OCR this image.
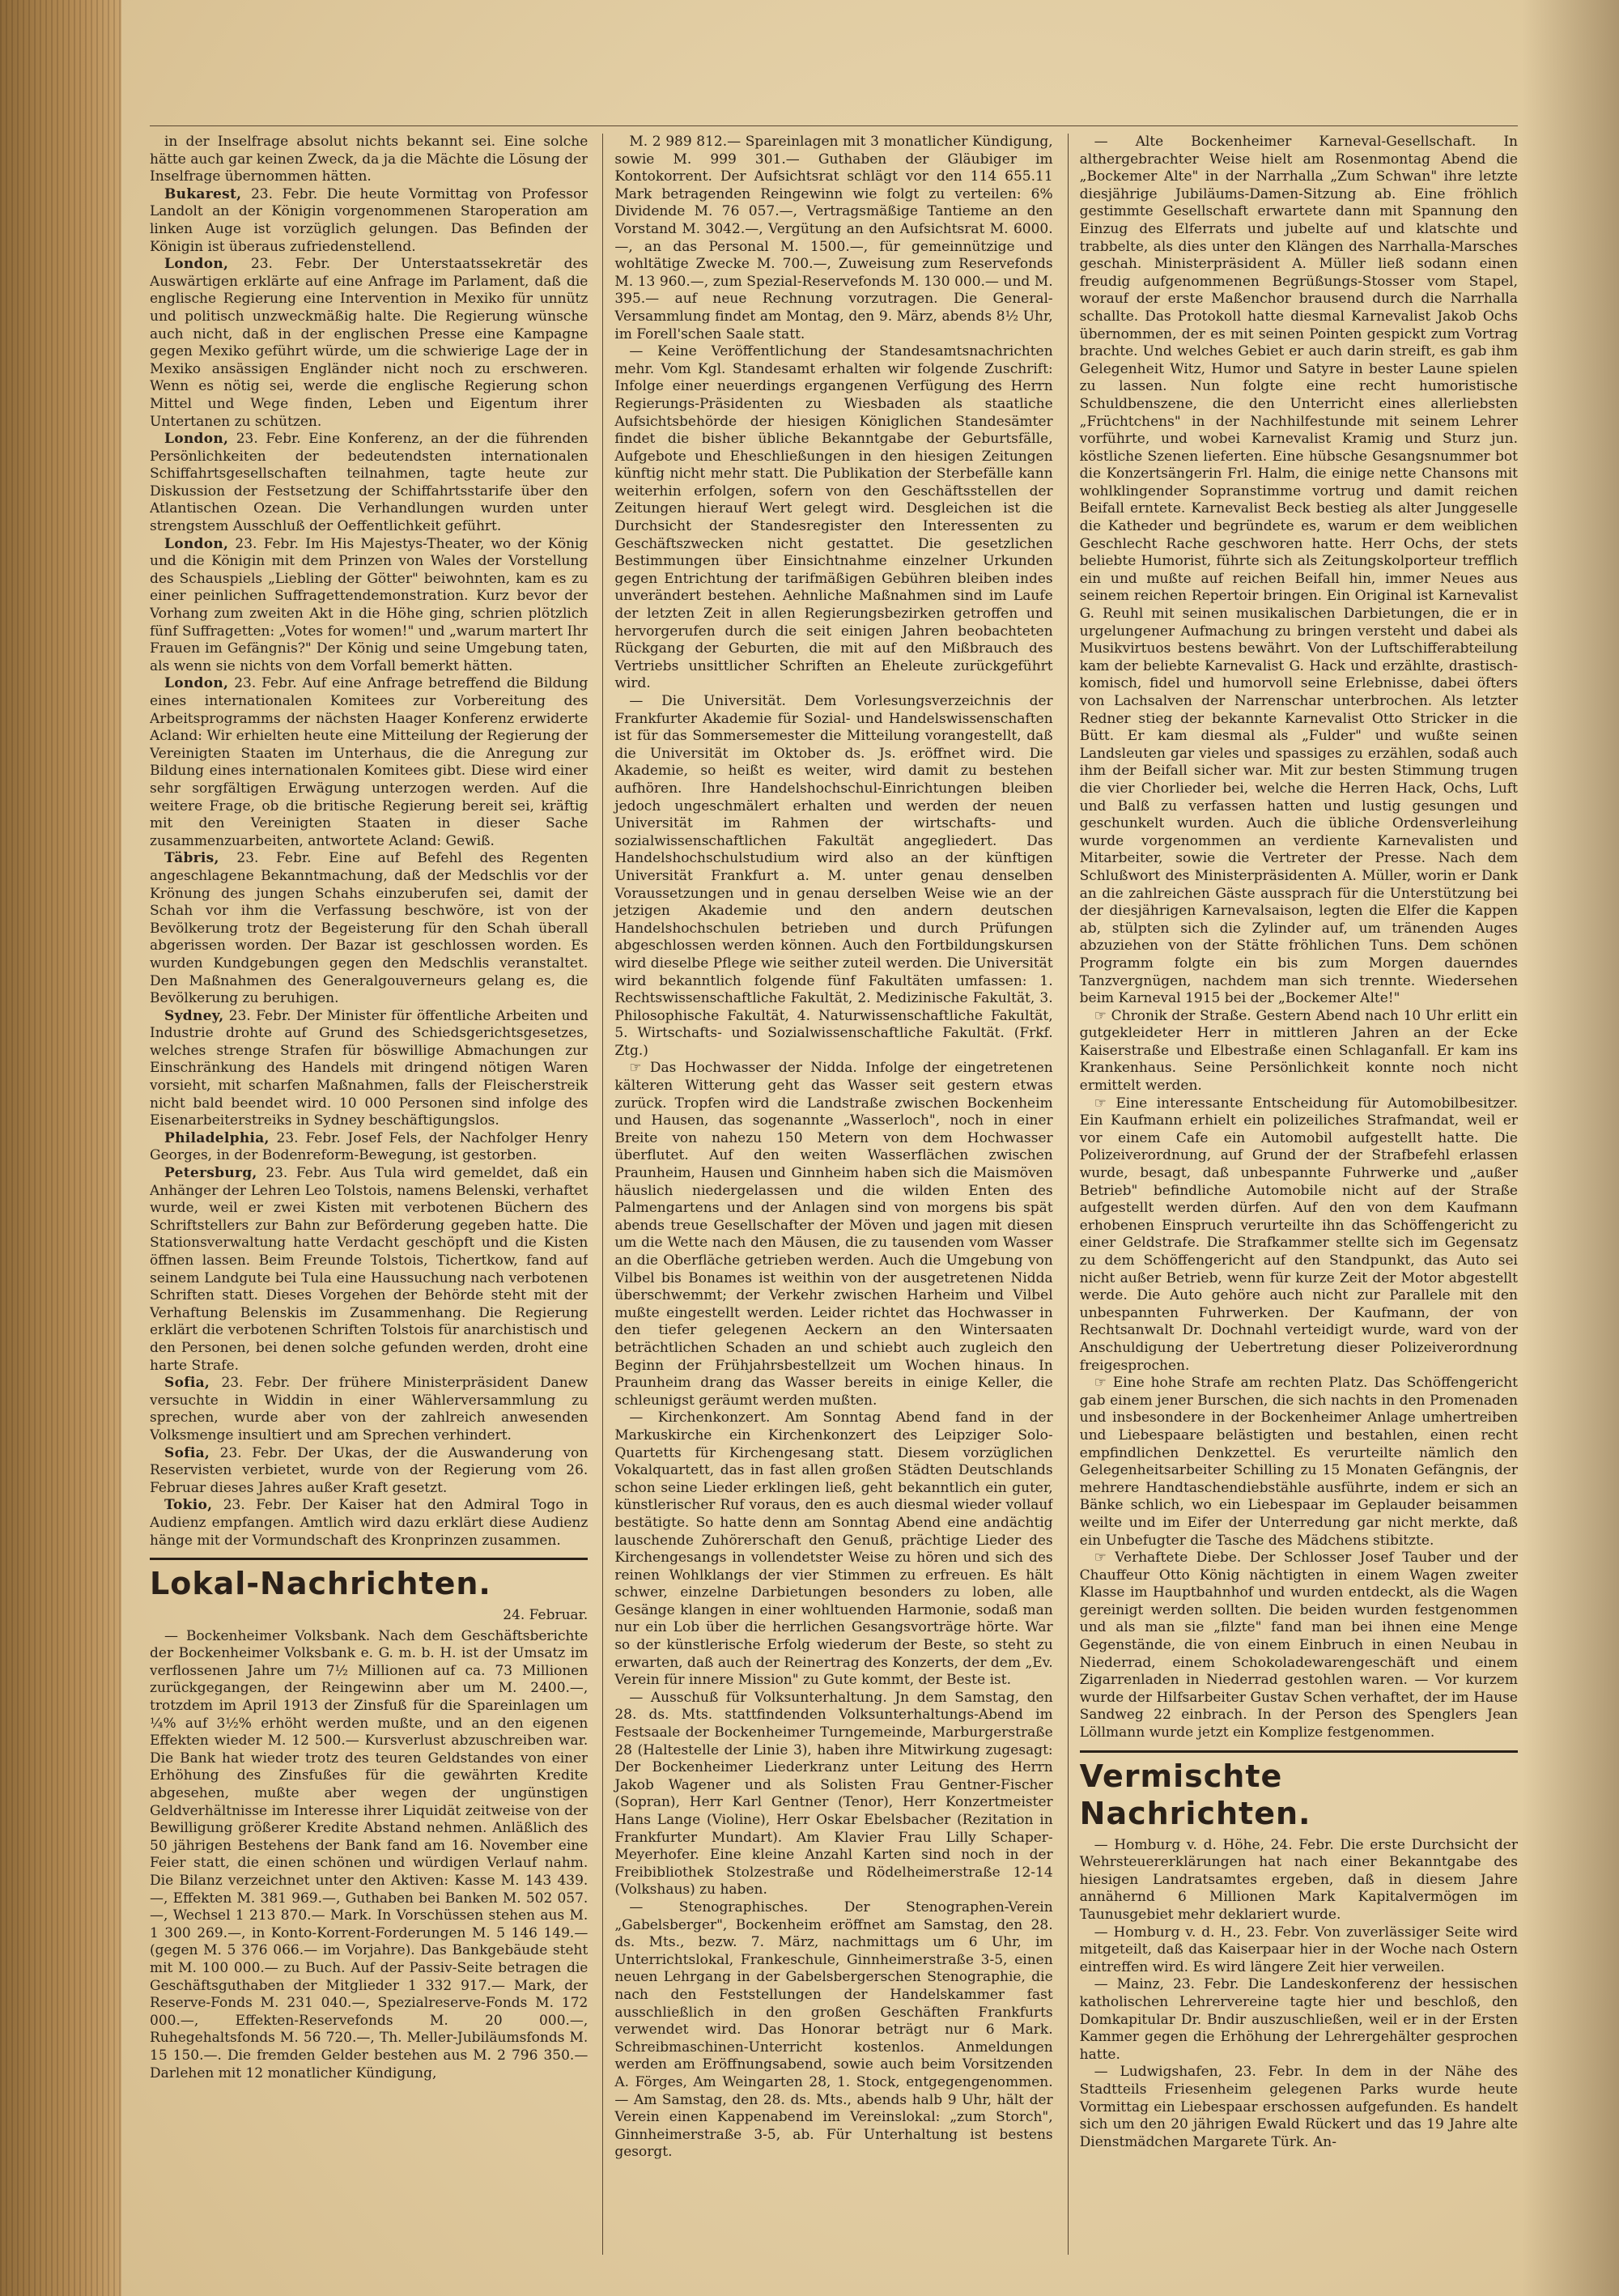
in der Inselfrage absolut nichts bekannt sei. Eine solche hätte auch gar keinen Zweck, da ja die Mächte die Lösung der Inselfrage übernommen hätten.

Bukarest, 23. Febr. Die heute Vormittag von Professor Landolt an der Königin vorgenommenen Staroperation am linken Auge ist vorzüglich gelungen. Das Befinden der Königin ist überaus zufriedenstellend.

London, 23. Febr. Der Unterstaatssekretär des Auswärtigen erklärte auf eine Anfrage im Parlament, daß die englische Regierung eine Intervention in Mexiko für unnütz und politisch unzweckmäßig halte. Die Regierung wünsche auch nicht, daß in der englischen Presse eine Kampagne gegen Mexiko geführt würde, um die schwierige Lage der in Mexiko ansässigen Engländer nicht noch zu erschweren. Wenn es nötig sei, werde die englische Regierung schon Mittel und Wege finden, Leben und Eigentum ihrer Untertanen zu schützen.

London, 23. Febr. Eine Konferenz, an der die führenden Persönlichkeiten der bedeutendsten internationalen Schiffahrtsgesellschaften teilnahmen, tagte heute zur Diskussion der Festsetzung der Schiffahrtsstarife über den Atlantischen Ozean. Die Verhandlungen wurden unter strengstem Ausschluß der Oeffentlichkeit geführt.

London, 23. Febr. Im His Majestys-Theater, wo der König und die Königin mit dem Prinzen von Wales der Vorstellung des Schauspiels „Liebling der Götter" beiwohnten, kam es zu einer peinlichen Suffragettendemonstration. Kurz bevor der Vorhang zum zweiten Akt in die Höhe ging, schrien plötzlich fünf Suffragetten: „Votes for women!" und „warum martert Ihr Frauen im Gefängnis?" Der König und seine Umgebung taten, als wenn sie nichts von dem Vorfall bemerkt hätten.

London, 23. Febr. Auf eine Anfrage betreffend die Bildung eines internationalen Komitees zur Vorbereitung des Arbeitsprogramms der nächsten Haager Konferenz erwiderte Acland: Wir erhielten heute eine Mitteilung der Regierung der Vereinigten Staaten im Unterhaus, die die Anregung zur Bildung eines internationalen Komitees gibt. Diese wird einer sehr sorgfältigen Erwägung unterzogen werden. Auf die weitere Frage, ob die britische Regierung bereit sei, kräftig mit den Vereinigten Staaten in dieser Sache zusammenzuarbeiten, antwortete Acland: Gewiß.

Täbris, 23. Febr. Eine auf Befehl des Regenten angeschlagene Bekanntmachung, daß der Medschlis vor der Krönung des jungen Schahs einzuberufen sei, damit der Schah vor ihm die Verfassung beschwöre, ist von der Bevölkerung trotz der Begeisterung für den Schah überall abgerissen worden. Der Bazar ist geschlossen worden. Es wurden Kundgebungen gegen den Medschlis veranstaltet. Den Maßnahmen des Generalgouverneurs gelang es, die Bevölkerung zu beruhigen.

Sydney, 23. Febr. Der Minister für öffentliche Arbeiten und Industrie drohte auf Grund des Schiedsgerichtsgesetzes, welches strenge Strafen für böswillige Abmachungen zur Einschränkung des Handels mit dringend nötigen Waren vorsieht, mit scharfen Maßnahmen, falls der Fleischerstreik nicht bald beendet wird. 10 000 Personen sind infolge des Eisenarbeiterstreiks in Sydney beschäftigungslos.

Philadelphia, 23. Febr. Josef Fels, der Nachfolger Henry Georges, in der Bodenreform-Bewegung, ist gestorben.

Petersburg, 23. Febr. Aus Tula wird gemeldet, daß ein Anhänger der Lehren Leo Tolstois, namens Belenski, verhaftet wurde, weil er zwei Kisten mit verbotenen Büchern des Schriftstellers zur Bahn zur Beförderung gegeben hatte. Die Stationsverwaltung hatte Verdacht geschöpft und die Kisten öffnen lassen. Beim Freunde Tolstois, Tichertkow, fand auf seinem Landgute bei Tula eine Haussuchung nach verbotenen Schriften statt. Dieses Vorgehen der Behörde steht mit der Verhaftung Belenskis im Zusammenhang. Die Regierung erklärt die verbotenen Schriften Tolstois für anarchistisch und den Personen, bei denen solche gefunden werden, droht eine harte Strafe.

Sofia, 23. Febr. Der frühere Ministerpräsident Danew versuchte in Widdin in einer Wählerversammlung zu sprechen, wurde aber von der zahlreich anwesenden Volksmenge insultiert und am Sprechen verhindert.

Sofia, 23. Febr. Der Ukas, der die Auswanderung von Reservisten verbietet, wurde von der Regierung vom 26. Februar dieses Jahres außer Kraft gesetzt.

Tokio, 23. Febr. Der Kaiser hat den Admiral Togo in Audienz empfangen. Amtlich wird dazu erklärt diese Audienz hänge mit der Vormundschaft des Kronprinzen zusammen.

Lokal-Nachrichten.

24. Februar.

— Bockenheimer Volksbank. Nach dem Geschäftsberichte der Bockenheimer Volksbank e. G. m. b. H. ist der Umsatz im verflossenen Jahre um 7½ Millionen auf ca. 73 Millionen zurückgegangen, der Reingewinn aber um M. 2400.—, trotzdem im April 1913 der Zinsfuß für die Spareinlagen um ¼% auf 3½% erhöht werden mußte, und an den eigenen Effekten wieder M. 12 500.— Kursverlust abzuschreiben war. Die Bank hat wieder trotz des teuren Geldstandes von einer Erhöhung des Zinsfußes für die gewährten Kredite abgesehen, mußte aber wegen der ungünstigen Geldverhältnisse im Interesse ihrer Liquidät zeitweise von der Bewilligung größerer Kredite Abstand nehmen. Anläßlich des 50 jährigen Bestehens der Bank fand am 16. November eine Feier statt, die einen schönen und würdigen Verlauf nahm. Die Bilanz verzeichnet unter den Aktiven: Kasse M. 143 439.—, Effekten M. 381 969.—, Guthaben bei Banken M. 502 057.—, Wechsel 1 213 870.— Mark. In Vorschüssen stehen aus M. 1 300 269.—, in Konto-Korrent-Forderungen M. 5 146 149.— (gegen M. 5 376 066.— im Vorjahre). Das Bankgebäude steht mit M. 100 000.— zu Buch. Auf der Passiv-Seite betragen die Geschäftsguthaben der Mitglieder 1 332 917.— Mark, der Reserve-Fonds M. 231 040.—, Spezialreserve-Fonds M. 172 000.—, Effekten-Reservefonds M. 20 000.—, Ruhegehaltsfonds M. 56 720.—, Th. Meller-Jubiläumsfonds M. 15 150.—. Die fremden Gelder bestehen aus M. 2 796 350.— Darlehen mit 12 monatlicher Kündigung,

M. 2 989 812.— Spareinlagen mit 3 monatlicher Kündigung, sowie M. 999 301.— Guthaben der Gläubiger im Kontokorrent. Der Aufsichtsrat schlägt vor den 114 655.11 Mark betragenden Reingewinn wie folgt zu verteilen: 6% Dividende M. 76 057.—, Vertragsmäßige Tantieme an den Vorstand M. 3042.—, Vergütung an den Aufsichtsrat M. 6000.—, an das Personal M. 1500.—, für gemeinnützige und wohltätige Zwecke M. 700.—, Zuweisung zum Reservefonds M. 13 960.—, zum Spezial-Reservefonds M. 130 000.— und M. 395.— auf neue Rechnung vorzutragen. Die General-Versammlung findet am Montag, den 9. März, abends 8½ Uhr, im Forell'schen Saale statt.

— Keine Veröffentlichung der Standesamtsnachrichten mehr. Vom Kgl. Standesamt erhalten wir folgende Zuschrift: Infolge einer neuerdings ergangenen Verfügung des Herrn Regierungs-Präsidenten zu Wiesbaden als staatliche Aufsichtsbehörde der hiesigen Königlichen Standesämter findet die bisher übliche Bekanntgabe der Geburtsfälle, Aufgebote und Eheschließungen in den hiesigen Zeitungen künftig nicht mehr statt. Die Publikation der Sterbefälle kann weiterhin erfolgen, sofern von den Geschäftsstellen der Zeitungen hierauf Wert gelegt wird. Desgleichen ist die Durchsicht der Standesregister den Interessenten zu Geschäftszwecken nicht gestattet. Die gesetzlichen Bestimmungen über Einsichtnahme einzelner Urkunden gegen Entrichtung der tarifmäßigen Gebühren bleiben indes unverändert bestehen. Aehnliche Maßnahmen sind im Laufe der letzten Zeit in allen Regierungsbezirken getroffen und hervorgerufen durch die seit einigen Jahren beobachteten Rückgang der Geburten, die mit auf den Mißbrauch des Vertriebs unsittlicher Schriften an Eheleute zurückgeführt wird.

— Die Universität. Dem Vorlesungsverzeichnis der Frankfurter Akademie für Sozial- und Handelswissenschaften ist für das Sommersemester die Mitteilung vorangestellt, daß die Universität im Oktober ds. Js. eröffnet wird. Die Akademie, so heißt es weiter, wird damit zu bestehen aufhören. Ihre Handelshochschul-Einrichtungen bleiben jedoch ungeschmälert erhalten und werden der neuen Universität im Rahmen der wirtschafts- und sozialwissenschaftlichen Fakultät angegliedert. Das Handelshochschulstudium wird also an der künftigen Universität Frankfurt a. M. unter genau denselben Voraussetzungen und in genau derselben Weise wie an der jetzigen Akademie und den andern deutschen Handelshochschulen betrieben und durch Prüfungen abgeschlossen werden können. Auch den Fortbildungskursen wird dieselbe Pflege wie seither zuteil werden. Die Universität wird bekanntlich folgende fünf Fakultäten umfassen: 1. Rechtswissenschaftliche Fakultät, 2. Medizinische Fakultät, 3. Philosophische Fakultät, 4. Naturwissenschaftliche Fakultät, 5. Wirtschafts- und Sozialwissenschaftliche Fakultät. (Frkf. Ztg.)

☞ Das Hochwasser der Nidda. Infolge der eingetretenen kälteren Witterung geht das Wasser seit gestern etwas zurück. Tropfen wird die Landstraße zwischen Bockenheim und Hausen, das sogenannte „Wasserloch", noch in einer Breite von nahezu 150 Metern von dem Hochwasser überflutet. Auf den weiten Wasserflächen zwischen Praunheim, Hausen und Ginnheim haben sich die Maismöven häuslich niedergelassen und die wilden Enten des Palmengartens und der Anlagen sind von morgens bis spät abends treue Gesellschafter der Möven und jagen mit diesen um die Wette nach den Mäusen, die zu tausenden vom Wasser an die Oberfläche getrieben werden. Auch die Umgebung von Vilbel bis Bonames ist weithin von der ausgetretenen Nidda überschwemmt; der Verkehr zwischen Harheim und Vilbel mußte eingestellt werden. Leider richtet das Hochwasser in den tiefer gelegenen Aeckern an den Wintersaaten beträchtlichen Schaden an und schiebt auch zugleich den Beginn der Frühjahrsbestellzeit um Wochen hinaus. In Praunheim drang das Wasser bereits in einige Keller, die schleunigst geräumt werden mußten.

— Kirchenkonzert. Am Sonntag Abend fand in der Markuskirche ein Kirchenkonzert des Leipziger Solo-Quartetts für Kirchengesang statt. Diesem vorzüglichen Vokalquartett, das in fast allen großen Städten Deutschlands schon seine Lieder erklingen ließ, geht bekanntlich ein guter, künstlerischer Ruf voraus, den es auch diesmal wieder vollauf bestätigte. So hatte denn am Sonntag Abend eine andächtig lauschende Zuhörerschaft den Genuß, prächtige Lieder des Kirchengesangs in vollendetster Weise zu hören und sich des reinen Wohlklangs der vier Stimmen zu erfreuen. Es hält schwer, einzelne Darbietungen besonders zu loben, alle Gesänge klangen in einer wohltuenden Harmonie, sodaß man nur ein Lob über die herrlichen Gesangsvorträge hörte. War so der künstlerische Erfolg wiederum der Beste, so steht zu erwarten, daß auch der Reinertrag des Konzerts, der dem „Ev. Verein für innere Mission" zu Gute kommt, der Beste ist.

— Ausschuß für Volksunterhaltung. Jn dem Samstag, den 28. ds. Mts. stattfindenden Volksunterhaltungs-Abend im Festsaale der Bockenheimer Turngemeinde, Marburgerstraße 28 (Haltestelle der Linie 3), haben ihre Mitwirkung zugesagt: Der Bockenheimer Liederkranz unter Leitung des Herrn Jakob Wagener und als Solisten Frau Gentner-Fischer (Sopran), Herr Karl Gentner (Tenor), Herr Konzertmeister Hans Lange (Violine), Herr Oskar Ebelsbacher (Rezitation in Frankfurter Mundart). Am Klavier Frau Lilly Schaper-Meyerhofer. Eine kleine Anzahl Karten sind noch in der Freibibliothek Stolzestraße und Rödelheimerstraße 12-14 (Volkshaus) zu haben.

— Stenographisches. Der Stenographen-Verein „Gabelsberger", Bockenheim eröffnet am Samstag, den 28. ds. Mts., bezw. 7. März, nachmittags um 6 Uhr, im Unterrichtslokal, Frankeschule, Ginnheimerstraße 3-5, einen neuen Lehrgang in der Gabelsbergerschen Stenographie, die nach den Feststellungen der Handelskammer fast ausschließlich in den großen Geschäften Frankfurts verwendet wird. Das Honorar beträgt nur 6 Mark. Schreibmaschinen-Unterricht kostenlos. Anmeldungen werden am Eröffnungsabend, sowie auch beim Vorsitzenden A. Förges, Am Weingarten 28, 1. Stock, entgegengenommen. — Am Samstag, den 28. ds. Mts., abends halb 9 Uhr, hält der Verein einen Kappenabend im Vereinslokal: „zum Storch", Ginnheimerstraße 3-5, ab. Für Unterhaltung ist bestens gesorgt.

— Alte Bockenheimer Karneval-Gesellschaft. In althergebrachter Weise hielt am Rosenmontag Abend die „Bockemer Alte" in der Narrhalla „Zum Schwan" ihre letzte diesjährige Jubiläums-Damen-Sitzung ab. Eine fröhlich gestimmte Gesellschaft erwartete dann mit Spannung den Einzug des Elferrats und jubelte auf und klatschte und trabbelte, als dies unter den Klängen des Narrhalla-Marsches geschah. Ministerpräsident A. Müller ließ sodann einen freudig aufgenommenen Begrüßungs-Stosser vom Stapel, worauf der erste Maßenchor brausend durch die Narrhalla schallte. Das Protokoll hatte diesmal Karnevalist Jakob Ochs übernommen, der es mit seinen Pointen gespickt zum Vortrag brachte. Und welches Gebiet er auch darin streift, es gab ihm Gelegenheit Witz, Humor und Satyre in bester Laune spielen zu lassen. Nun folgte eine recht humoristische Schuldbenszene, die den Unterricht eines allerliebsten „Früchtchens" in der Nachhilfestunde mit seinem Lehrer vorführte, und wobei Karnevalist Kramig und Sturz jun. köstliche Szenen lieferten. Eine hübsche Gesangsnummer bot die Konzertsängerin Frl. Halm, die einige nette Chansons mit wohlklingender Sopranstimme vortrug und damit reichen Beifall erntete. Karnevalist Beck bestieg als alter Junggeselle die Katheder und begründete es, warum er dem weiblichen Geschlecht Rache geschworen hatte. Herr Ochs, der stets beliebte Humorist, führte sich als Zeitungskolporteur trefflich ein und mußte auf reichen Beifall hin, immer Neues aus seinem reichen Repertoir bringen. Ein Original ist Karnevalist G. Reuhl mit seinen musikalischen Darbietungen, die er in urgelungener Aufmachung zu bringen versteht und dabei als Musikvirtuos bestens bewährt. Von der Luftschifferabteilung kam der beliebte Karnevalist G. Hack und erzählte, drastisch-komisch, fidel und humorvoll seine Erlebnisse, dabei öfters von Lachsalven der Narrenschar unterbrochen. Als letzter Redner stieg der bekannte Karnevalist Otto Stricker in die Bütt. Er kam diesmal als „Fulder" und wußte seinen Landsleuten gar vieles und spassiges zu erzählen, sodaß auch ihm der Beifall sicher war. Mit zur besten Stimmung trugen die vier Chorlieder bei, welche die Herren Hack, Ochs, Luft und Balß zu verfassen hatten und lustig gesungen und geschunkelt wurden. Auch die übliche Ordensverleihung wurde vorgenommen an verdiente Karnevalisten und Mitarbeiter, sowie die Vertreter der Presse. Nach dem Schlußwort des Ministerpräsidenten A. Müller, worin er Dank an die zahlreichen Gäste aussprach für die Unterstützung bei der diesjährigen Karnevalsaison, legten die Elfer die Kappen ab, stülpten sich die Zylinder auf, um tränenden Auges abzuziehen von der Stätte fröhlichen Tuns. Dem schönen Programm folgte ein bis zum Morgen dauerndes Tanzvergnügen, nachdem man sich trennte. Wiedersehen beim Karneval 1915 bei der „Bockemer Alte!"

☞ Chronik der Straße. Gestern Abend nach 10 Uhr erlitt ein gutgekleideter Herr in mittleren Jahren an der Ecke Kaiserstraße und Elbestraße einen Schlaganfall. Er kam ins Krankenhaus. Seine Persönlichkeit konnte noch nicht ermittelt werden.

☞ Eine interessante Entscheidung für Automobilbesitzer. Ein Kaufmann erhielt ein polizeiliches Strafmandat, weil er vor einem Cafe ein Automobil aufgestellt hatte. Die Polizeiverordnung, auf Grund der der Strafbefehl erlassen wurde, besagt, daß unbespannte Fuhrwerke und „außer Betrieb" befindliche Automobile nicht auf der Straße aufgestellt werden dürfen. Auf den von dem Kaufmann erhobenen Einspruch verurteilte ihn das Schöffengericht zu einer Geldstrafe. Die Strafkammer stellte sich im Gegensatz zu dem Schöffengericht auf den Standpunkt, das Auto sei nicht außer Betrieb, wenn für kurze Zeit der Motor abgestellt werde. Die Auto gehöre auch nicht zur Parallele mit den unbespannten Fuhrwerken. Der Kaufmann, der von Rechtsanwalt Dr. Dochnahl verteidigt wurde, ward von der Anschuldigung der Uebertretung dieser Polizeiverordnung freigesprochen.

☞ Eine hohe Strafe am rechten Platz. Das Schöffengericht gab einem jener Burschen, die sich nachts in den Promenaden und insbesondere in der Bockenheimer Anlage umhertreiben und Liebespaare belästigten und bestahlen, einen recht empfindlichen Denkzettel. Es verurteilte nämlich den Gelegenheitsarbeiter Schilling zu 15 Monaten Gefängnis, der mehrere Handtaschendiebstähle ausführte, indem er sich an Bänke schlich, wo ein Liebespaar im Geplauder beisammen weilte und im Eifer der Unterredung gar nicht merkte, daß ein Unbefugter die Tasche des Mädchens stibitzte.

☞ Verhaftete Diebe. Der Schlosser Josef Tauber und der Chauffeur Otto König nächtigten in einem Wagen zweiter Klasse im Hauptbahnhof und wurden entdeckt, als die Wagen gereinigt werden sollten. Die beiden wurden festgenommen und als man sie „filzte" fand man bei ihnen eine Menge Gegenstände, die von einem Einbruch in einen Neubau in Niederrad, einem Schokoladewarengeschäft und einem Zigarrenladen in Niederrad gestohlen waren. — Vor kurzem wurde der Hilfsarbeiter Gustav Schen verhaftet, der im Hause Sandweg 22 einbrach. In der Person des Spenglers Jean Löllmann wurde jetzt ein Komplize festgenommen.

Vermischte Nachrichten.

— Homburg v. d. Höhe, 24. Febr. Die erste Durchsicht der Wehrsteuererklärungen hat nach einer Bekanntgabe des hiesigen Landratsamtes ergeben, daß in diesem Jahre annähernd 6 Millionen Mark Kapitalvermögen im Taunusgebiet mehr deklariert wurde.

— Homburg v. d. H., 23. Febr. Von zuverlässiger Seite wird mitgeteilt, daß das Kaiserpaar hier in der Woche nach Ostern eintreffen wird. Es wird längere Zeit hier verweilen.

— Mainz, 23. Febr. Die Landeskonferenz der hessischen katholischen Lehrervereine tagte hier und beschloß, den Domkapitular Dr. Bndir auszuschließen, weil er in der Ersten Kammer gegen die Erhöhung der Lehrergehälter gesprochen hatte.

— Ludwigshafen, 23. Febr. In dem in der Nähe des Stadtteils Friesenheim gelegenen Parks wurde heute Vormittag ein Liebespaar erschossen aufgefunden. Es handelt sich um den 20 jährigen Ewald Rückert und das 19 Jahre alte Dienstmädchen Margarete Türk. An-
